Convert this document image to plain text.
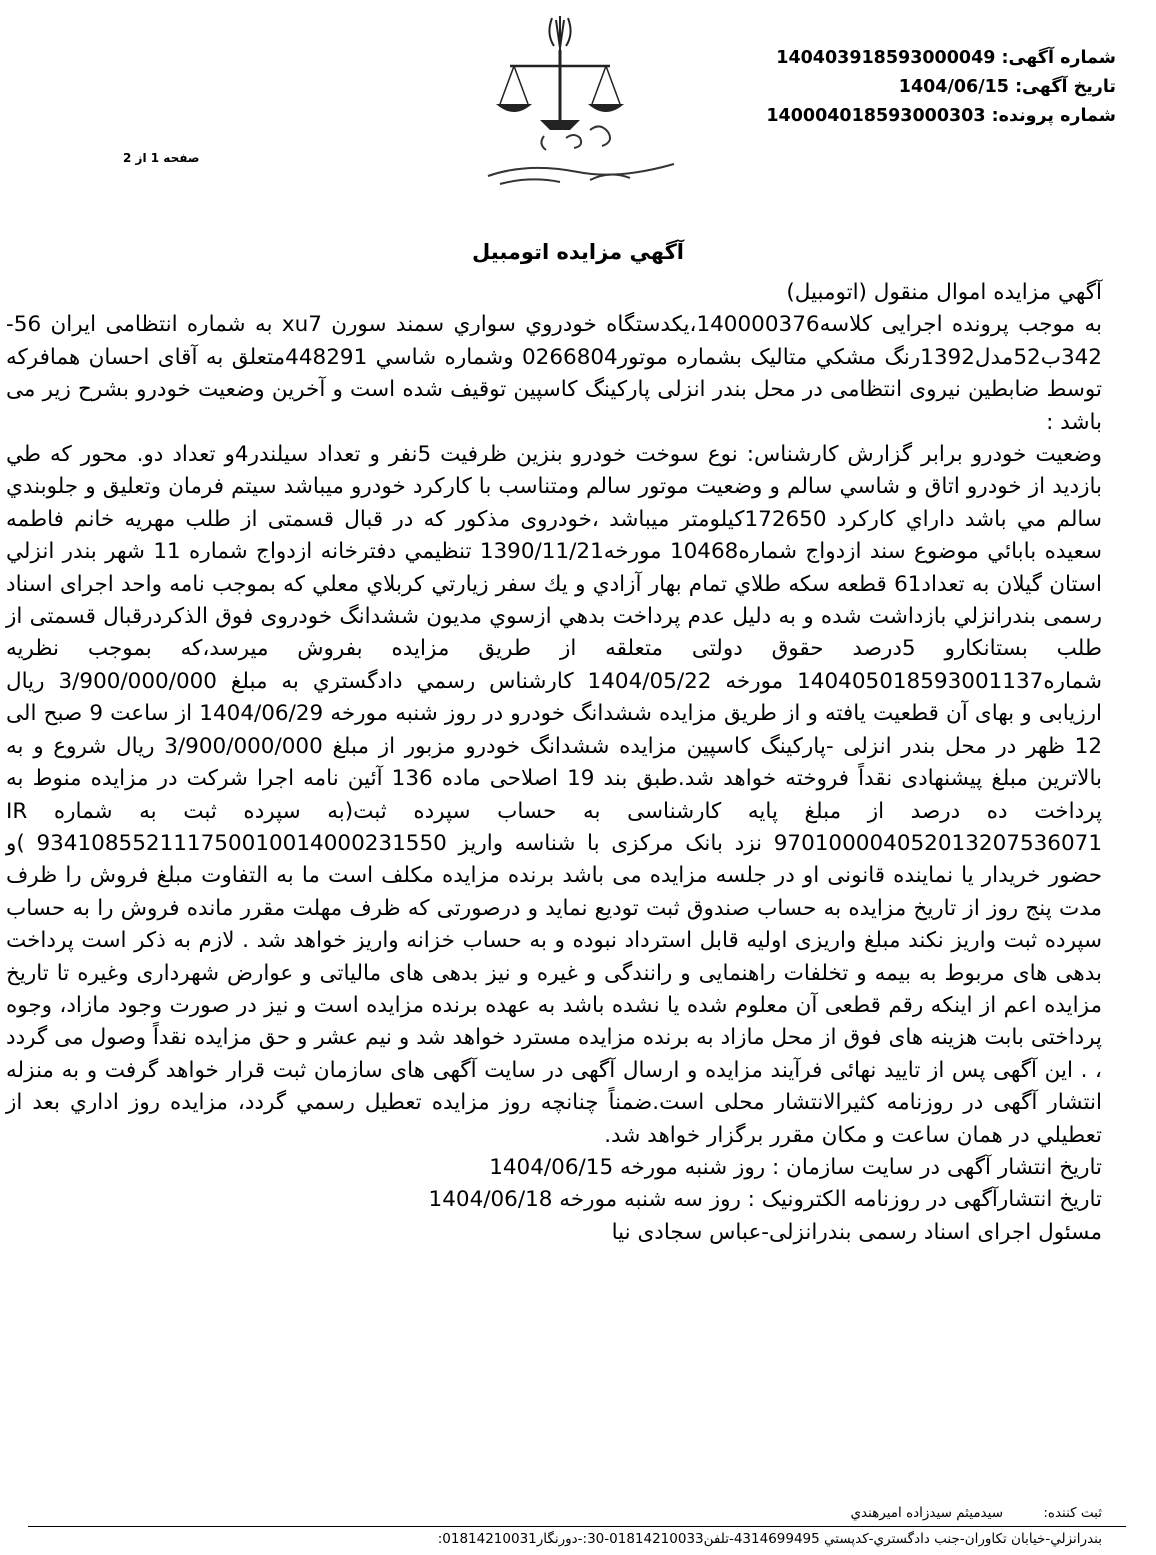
شماره آگهی: 140403918593000049
تاریخ آگهی: 1404/06/15
شماره پرونده: 140004018593000303
صفحه 1 از 2
آگهي مزايده اتومبيل

آگهي مزايده اموال منقول (اتومبيل)

به موجب پرونده اجرایی کلاسه140000376،یکدستگاه خودروي سواري سمند سورن xu7 به شماره انتظامی ایران 56-342ب52مدل1392رنگ مشکي متاليک بشماره موتور0266804 وشماره شاسي 448291متعلق به آقای احسان همافرکه توسط ضابطین نیروی انتظامی در محل بندر انزلی پارکینگ کاسپین توقیف شده است و آخرین وضعیت خودرو بشرح زیر می باشد :

وضعيت خودرو برابر گزارش کارشناس: نوع سوخت خودرو بنزین ظرفيت 5نفر و تعداد سيلندر4و تعداد دو. محور که طي بازديد از خودرو اتاق و شاسي سالم و وضعيت موتور سالم ومتناسب با کارکرد خودرو ميباشد سيتم فرمان وتعليق و جلوبندي سالم مي باشد داراي کارکرد 172650کيلومتر ميباشد ،خودروی مذکور که در قبال قسمتی از طلب مهريه خانم فاطمه سعيده بابائي موضوع سند ازدواج شماره10468 مورخه1390/11/21 تنظيمي دفترخانه ازدواج شماره 11 شهر بندر انزلي استان گيلان به تعداد61 قطعه سکه طلاي تمام بهار آزادي و يك سفر زيارتي کربلاي معلي که بموجب نامه واحد اجرای اسناد رسمی بندرانزلي بازداشت شده و به دليل عدم پرداخت بدهي ازسوي مديون ششدانگ خودروی فوق الذکردرقبال قسمتی از طلب بستانکارو 5درصد حقوق دولتی متعلقه از طریق مزایده بفروش میرسد،که بموجب نظريه شماره140405018593001137 مورخه 1404/05/22 کارشناس رسمي دادگستري به مبلغ 3/900/000/000 ريال ارزيابی و بهای آن قطعيت یافته و از طريق مزايده ششدانگ خودرو در روز شنبه مورخه 1404/06/29 از ساعت 9 صبح الی 12 ظهر در محل بندر انزلی -پارکینگ کاسپین مزایده ششدانگ خودرو مزبور از مبلغ 3/900/000/000 ريال شروع و به بالاترين مبلغ پیشنهادی نقداً فروخته خواهد شد.طبق بند 19 اصلاحی ماده 136 آئين نامه اجرا شرکت در مزايده منوط به پرداخت ده درصد از مبلغ پايه کارشناسی به حساب سپرده ثبت(به سپرده ثبت به شماره IR 970100004052013207536071 نزد بانک مرکزی با شناسه واریز 934108552111750010014000231550 )و حضور خريدار يا نماينده قانونی او در جلسه مزايده می باشد برنده مزايده مكلف است ما به التفاوت مبلغ فروش را ظرف مدت پنج روز از تاريخ مزايده به حساب صندوق ثبت توديع نمايد و درصورتی كه ظرف مهلت مقرر مانده فروش را به حساب سپرده ثبت واريز نكند مبلغ واريزی اوليه قابل استرداد نبوده و به حساب خزانه واريز خواهد شد . لازم به ذكر است پرداخت بدهی های مربوط به بيمه و تخلفات راهنمايی و رانندگی و غيره و نيز بدهی های مالياتی و عوارض شهرداری وغيره تا تاريخ مزايده اعم از اينكه رقم قطعی آن معلوم شده يا نشده باشد به عهده برنده مزايده است و نيز در صورت وجود مازاد، وجوه پرداختی بابت هزينه های فوق از محل مازاد به برنده مزايده مسترد خواهد شد و نيم عشر و حق مزايده نقداً وصول می گردد ، . اين آگهی پس از تاييد نهائی فرآيند مزايده و ارسال آگهی در سايت آگهی های سازمان ثبت قرار خواهد گرفت و به منزله انتشار آگهی در روزنامه كثيرالانتشار محلی است.ضمناً چنانچه روز مزايده تعطيل رسمي گردد، مزايده روز اداري بعد از تعطيلي در همان ساعت و مكان مقرر برگزار خواهد شد.

تاريخ انتشار آگهی در سايت سازمان : روز شنبه مورخه 1404/06/15

تاريخ انتشارآگهی در روزنامه الكترونيک : روز سه شنبه مورخه 1404/06/18

مسئول اجرای اسناد رسمی بندرانزلی-عباس سجادی نیا

ثبت كننده: سيدميثم سيدزاده اميرهندي
بندرانزلي-خيابان تكاوران-جنب دادگستري-كدپستي 4314699495-تلفن01814210033-30:-دورنگار01814210031:
